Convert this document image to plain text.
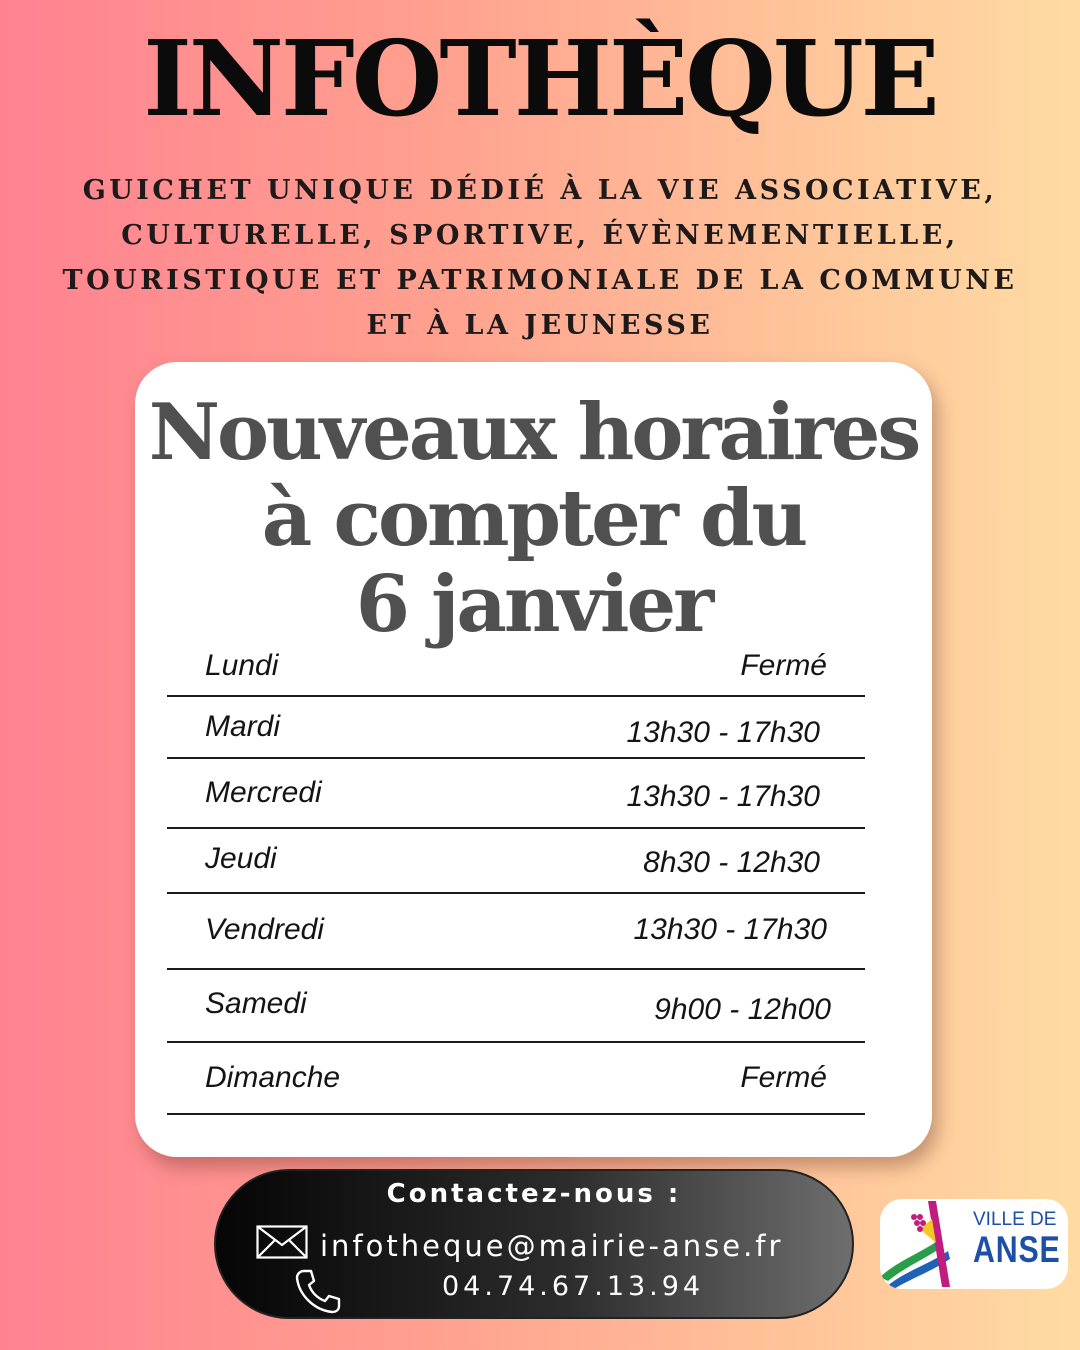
INFOTHÈQUE

GUICHET UNIQUE DÉDIÉ À LA VIE ASSOCIATIVE,
CULTURELLE, SPORTIVE, ÉVÈNEMENTIELLE,
TOURISTIQUE ET PATRIMONIALE DE LA COMMUNE
ET À LA JEUNESSE

Nouveaux horaires
à compter du
6 janvier
Lundi	Fermé
Mardi	13h30 - 17h30
Mercredi	13h30 - 17h30
Jeudi	8h30 - 12h30
Vendredi	13h30 - 17h30
Samedi	9h00 - 12h00
Dimanche	Fermé
Contactez-nous :
infotheque@mairie-anse.fr
04.74.67.13.94
VILLE DE
ANSE
